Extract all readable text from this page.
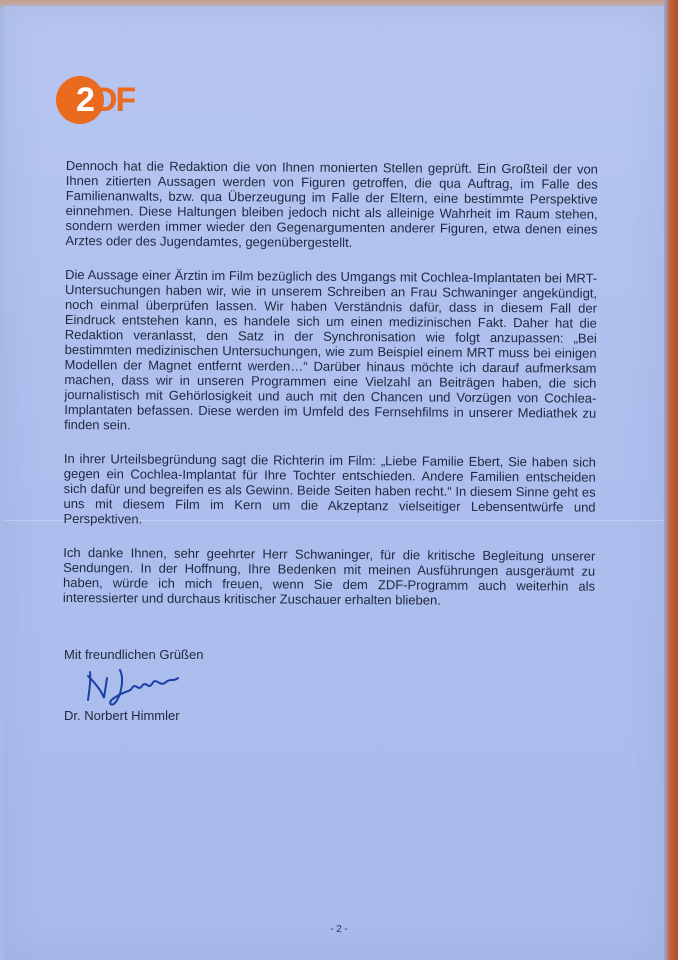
2DF

Dennoch hat die Redaktion die von Ihnen monierten Stellen geprüft. Ein Großteil der von Ihnen zitierten Aussagen werden von Figuren getroffen, die qua Auftrag, im Falle des Familienanwalts, bzw. qua Überzeugung im Falle der Eltern, eine bestimmte Perspektive einnehmen. Diese Haltungen bleiben jedoch nicht als alleinige Wahrheit im Raum stehen, sondern werden immer wieder den Gegenargumenten anderer Figuren, etwa denen eines Arztes oder des Jugendamtes, gegenübergestellt.

Die Aussage einer Ärztin im Film bezüglich des Umgangs mit Cochlea-Implantaten bei MRT-Untersuchungen haben wir, wie in unserem Schreiben an Frau Schwaninger angekündigt, noch einmal überprüfen lassen. Wir haben Verständnis dafür, dass in diesem Fall der Eindruck entstehen kann, es handele sich um einen medizinischen Fakt. Daher hat die Redaktion veranlasst, den Satz in der Synchronisation wie folgt anzupassen: „Bei bestimmten medizinischen Untersuchungen, wie zum Beispiel einem MRT muss bei einigen Modellen der Magnet entfernt werden…“ Darüber hinaus möchte ich darauf aufmerksam machen, dass wir in unseren Programmen eine Vielzahl an Beiträgen haben, die sich journalistisch mit Gehörlosigkeit und auch mit den Chancen und Vorzügen von Cochlea-Implantaten befassen. Diese werden im Umfeld des Fernsehfilms in unserer Mediathek zu finden sein.

In ihrer Urteilsbegründung sagt die Richterin im Film: „Liebe Familie Ebert, Sie haben sich gegen ein Cochlea-Implantat für Ihre Tochter entschieden. Andere Familien entscheiden sich dafür und begreifen es als Gewinn. Beide Seiten haben recht.“ In diesem Sinne geht es uns mit diesem Film im Kern um die Akzeptanz vielseitiger Lebensentwürfe und Perspektiven.

Ich danke Ihnen, sehr geehrter Herr Schwaninger, für die kritische Begleitung unserer Sendungen. In der Hoffnung, Ihre Bedenken mit meinen Ausführungen ausgeräumt zu haben, würde ich mich freuen, wenn Sie dem ZDF-Programm auch weiterhin als interessierter und durchaus kritischer Zuschauer erhalten blieben.

Mit freundlichen Grüßen
Dr. Norbert Himmler
- 2 -
